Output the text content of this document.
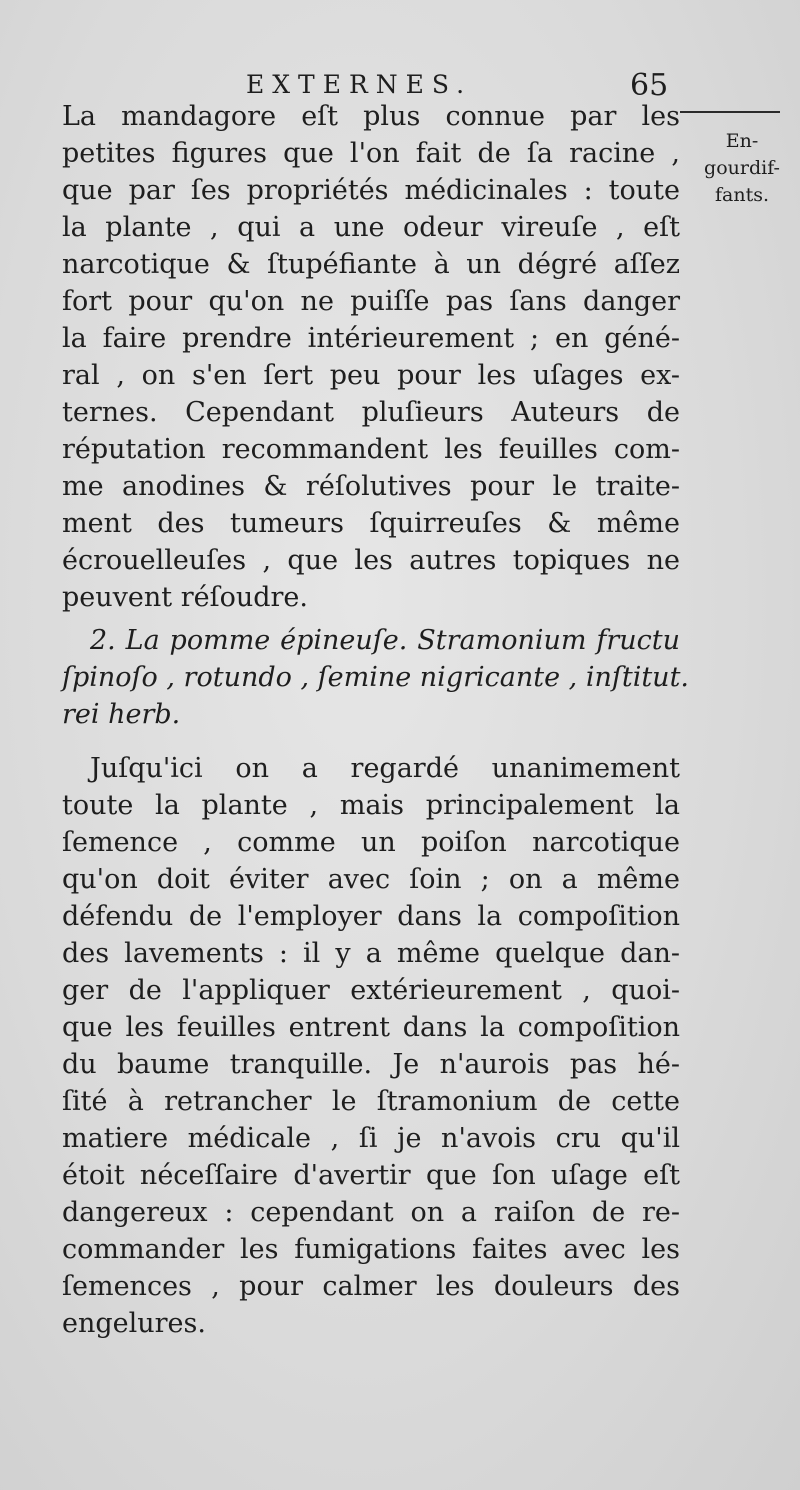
EXTERNES.	65
En-
gourdif-
fants.
La mandagore eſt plus connue par les
petites figures que l'on fait de ſa racine ,
que par ſes propriétés médicinales : toute
la plante , qui a une odeur vireuſe , eſt
narcotique & ſtupéfiante à un dégré aſſez
fort pour qu'on ne puiſſe pas ſans danger
la faire prendre intérieurement ; en géné-
ral , on s'en ſert peu pour les uſages ex-
ternes. Cependant pluſieurs Auteurs de
réputation recommandent les feuilles com-
me anodines & réſolutives pour le traite-
ment des tumeurs ſquirreuſes & même
écrouelleuſes , que les autres topiques ne
peuvent réſoudre.
2. La pomme épineuſe. Stramonium fructu
ſpinoſo , rotundo , ſemine nigricante , inſtitut.
rei herb.
Juſqu'ici on a regardé unanimement
toute la plante , mais principalement la
ſemence , comme un poiſon narcotique
qu'on doit éviter avec ſoin ; on a même
défendu de l'employer dans la compoſition
des lavements : il y a même quelque dan-
ger de l'appliquer extérieurement , quoi-
que les feuilles entrent dans la compoſition
du baume tranquille. Je n'aurois pas hé-
ſité à retrancher le ſtramonium de cette
matiere médicale , ſi je n'avois cru qu'il
étoit néceſſaire d'avertir que ſon uſage eſt
dangereux : cependant on a raiſon de re-
commander les fumigations faites avec les
ſemences , pour calmer les douleurs des
engelures.
